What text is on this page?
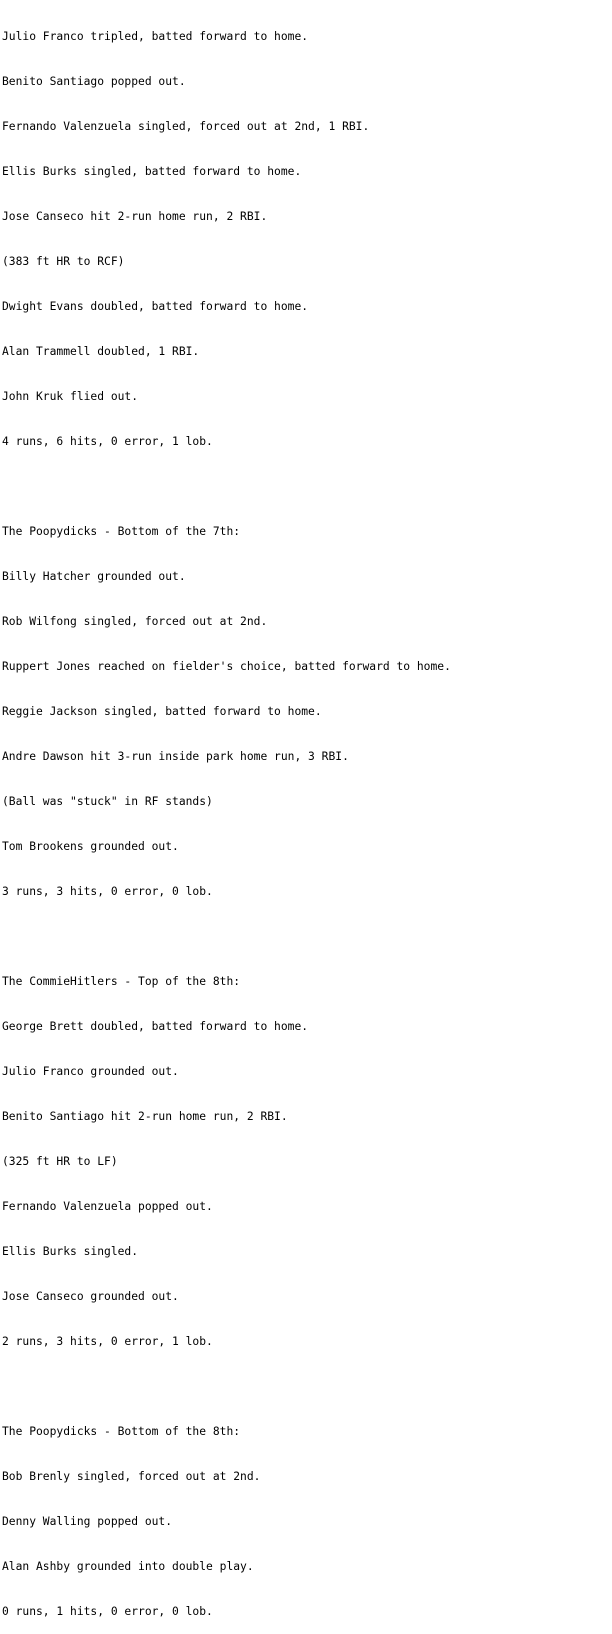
Julio Franco tripled, batted forward to home.

Benito Santiago popped out.

Fernando Valenzuela singled, forced out at 2nd, 1 RBI.

Ellis Burks singled, batted forward to home.

Jose Canseco hit 2-run home run, 2 RBI.

(383 ft HR to RCF)

Dwight Evans doubled, batted forward to home.

Alan Trammell doubled, 1 RBI.

John Kruk flied out.

4 runs, 6 hits, 0 error, 1 lob.

The Poopydicks - Bottom of the 7th:

Billy Hatcher grounded out.

Rob Wilfong singled, forced out at 2nd.

Ruppert Jones reached on fielder's choice, batted forward to home.

Reggie Jackson singled, batted forward to home.

Andre Dawson hit 3-run inside park home run, 3 RBI.

(Ball was "stuck" in RF stands)

Tom Brookens grounded out.

3 runs, 3 hits, 0 error, 0 lob.

The CommieHitlers - Top of the 8th:

George Brett doubled, batted forward to home.

Julio Franco grounded out.

Benito Santiago hit 2-run home run, 2 RBI.

(325 ft HR to LF)

Fernando Valenzuela popped out.

Ellis Burks singled.

Jose Canseco grounded out.

2 runs, 3 hits, 0 error, 1 lob.

The Poopydicks - Bottom of the 8th:

Bob Brenly singled, forced out at 2nd.

Denny Walling popped out.

Alan Ashby grounded into double play.

0 runs, 1 hits, 0 error, 0 lob.
